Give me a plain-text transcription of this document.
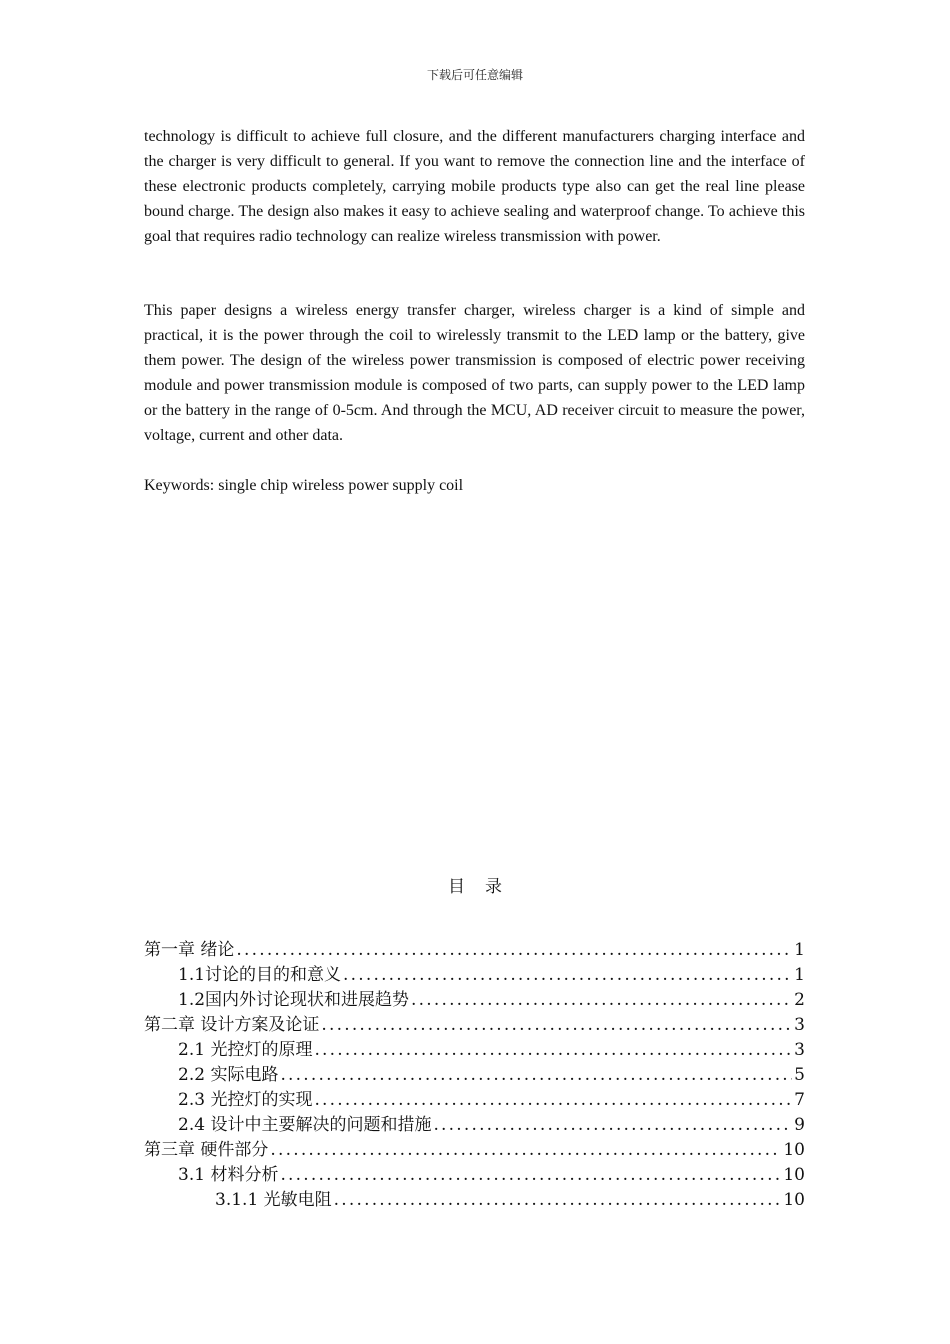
下载后可任意编辑

technology is difficult to achieve full closure, and the different manufacturers charging interface and the charger is very difficult to general. If you want to remove the connection line and the interface of these electronic products completely, carrying mobile products type also can get the real line please bound charge. The design also makes it easy to achieve sealing and waterproof change. To achieve this goal that requires radio technology can realize wireless transmission with power.

This paper designs a wireless energy transfer charger, wireless charger is a kind of simple and practical, it is the power through the coil to wirelessly transmit to the LED lamp or the battery, give them power. The design of the wireless power transmission is composed of electric power receiving module and power transmission module is composed of two parts, can supply power to the LED lamp or the battery in the range of 0-5cm. And through the MCU, AD receiver circuit to measure the power, voltage, current and other data.

Keywords: single chip wireless power supply coil

目 录
第一章 绪论 .....	1
1.1讨论的目的和意义 .....	1
1.2国内外讨论现状和进展趋势 .....	2
第二章 设计方案及论证 .....	3
2.1 光控灯的原理 .....	3
2.2 实际电路 .....	5
2.3 光控灯的实现 .....	7
2.4 设计中主要解决的问题和措施 .....	9
第三章 硬件部分 .....	10
3.1 材料分析 .....	10
3.1.1 光敏电阻 .....	10
